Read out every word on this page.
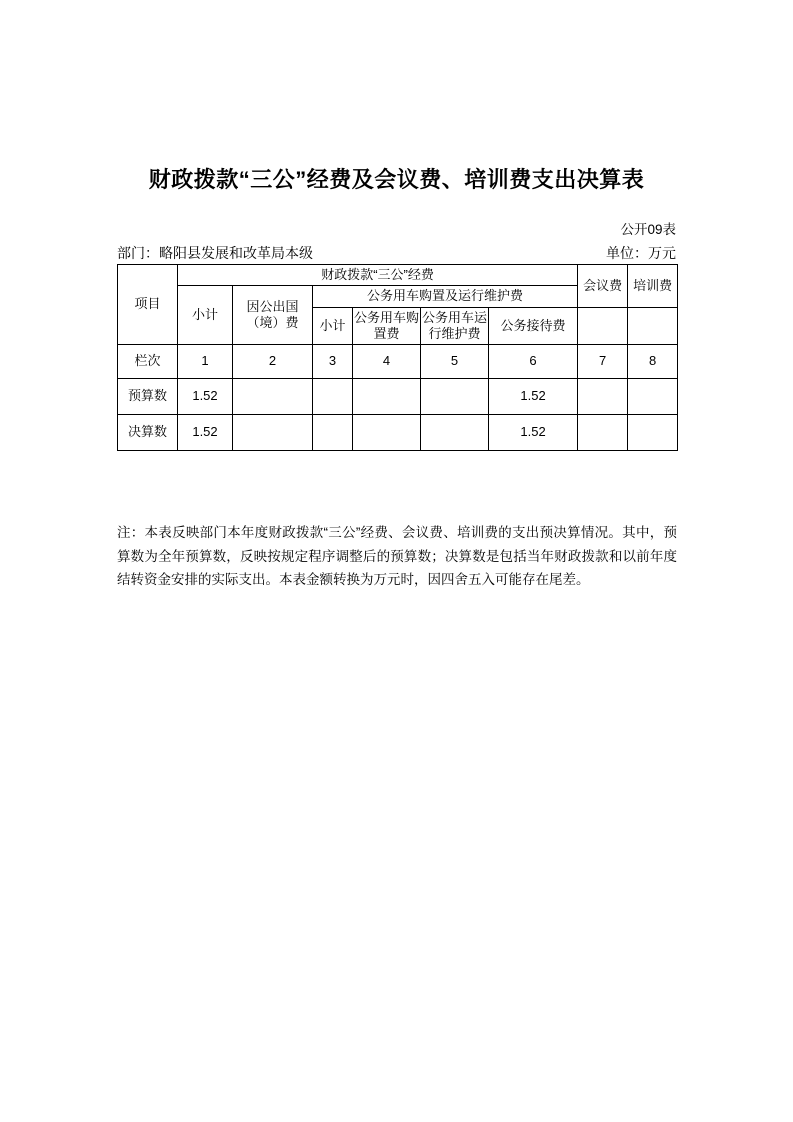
财政拨款“三公”经费及会议费、培训费支出决算表
公开09表
部门：略阳县发展和改革局本级	单位：万元
项目	财政拨款“三公”经费						会议费	培训费
	小计	因公出国（境）费	公务用车购置及运行维护费					
			小计	公务用车购置费	公务用车运行维护费	公务接待费		

栏次	1	2	3	4	5	6	7	8
预算数	1.52					1.52		
决算数	1.52					1.52		
注：本表反映部门本年度财政拨款“三公”经费、会议费、培训费的支出预决算情况。其中，预算数为全年预算数，反映按规定程序调整后的预算数；决算数是包括当年财政拨款和以前年度结转资金安排的实际支出。本表金额转换为万元时，因四舍五入可能存在尾差。
